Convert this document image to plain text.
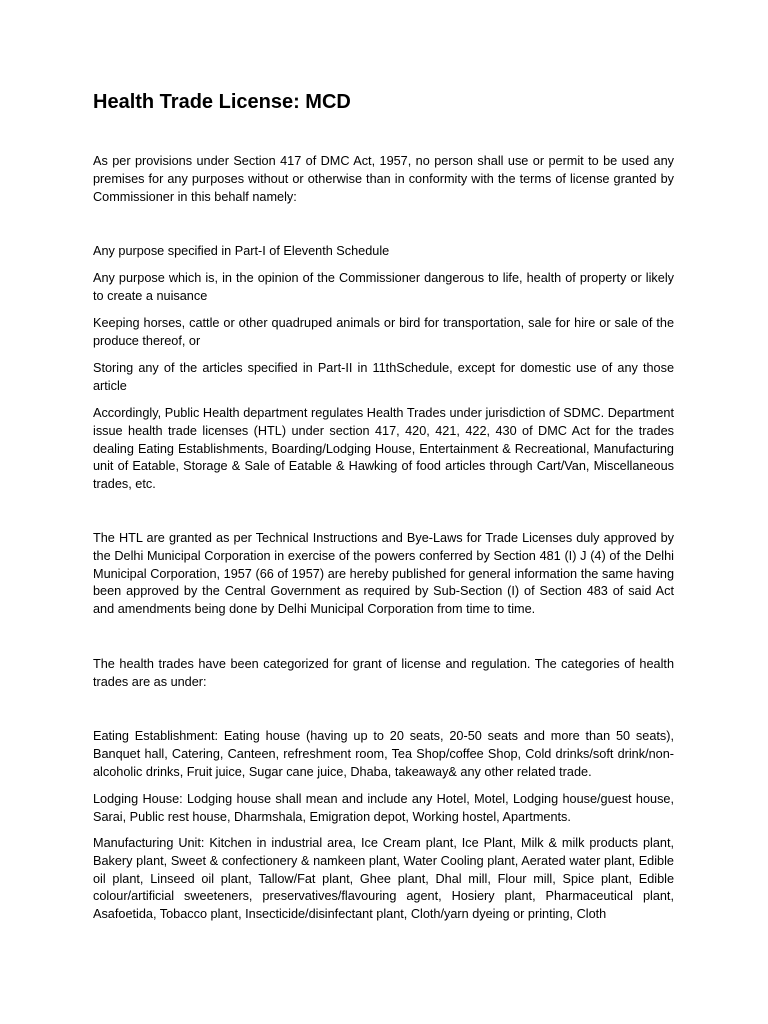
Health Trade License: MCD

As per provisions under Section 417 of DMC Act, 1957, no person shall use or permit to be used any premises for any purposes without or otherwise than in conformity with the terms of license granted by Commissioner in this behalf namely:

Any purpose specified in Part-I of Eleventh Schedule

Any purpose which is, in the opinion of the Commissioner dangerous to life, health of property or likely to create a nuisance

Keeping horses, cattle or other quadruped animals or bird for transportation, sale for hire or sale of the produce thereof, or

Storing any of the articles specified in Part-II in 11thSchedule, except for domestic use of any those article

Accordingly, Public Health department regulates Health Trades under jurisdiction of SDMC. Department issue health trade licenses (HTL) under section 417, 420, 421, 422, 430 of DMC Act for the trades dealing Eating Establishments, Boarding/Lodging House, Entertainment & Recreational, Manufacturing unit of Eatable, Storage & Sale of Eatable & Hawking of food articles through Cart/Van, Miscellaneous trades, etc.

The HTL are granted as per Technical Instructions and Bye-Laws for Trade Licenses duly approved by the Delhi Municipal Corporation in exercise of the powers conferred by Section 481 (I) J (4) of the Delhi Municipal Corporation, 1957 (66 of 1957) are hereby published for general information the same having been approved by the Central Government as required by Sub-Section (I) of Section 483 of said Act and amendments being done by Delhi Municipal Corporation from time to time.

The health trades have been categorized for grant of license and regulation. The categories of health trades are as under:

Eating Establishment: Eating house (having up to 20 seats, 20-50 seats and more than 50 seats), Banquet hall, Catering, Canteen, refreshment room, Tea Shop/coffee Shop, Cold drinks/soft drink/non-alcoholic drinks, Fruit juice, Sugar cane juice, Dhaba, takeaway& any other related trade.

Lodging House: Lodging house shall mean and include any Hotel, Motel, Lodging house/guest house, Sarai, Public rest house, Dharmshala, Emigration depot, Working hostel, Apartments.

Manufacturing Unit: Kitchen in industrial area, Ice Cream plant, Ice Plant, Milk & milk products plant, Bakery plant, Sweet & confectionery & namkeen plant, Water Cooling plant, Aerated water plant, Edible oil plant, Linseed oil plant, Tallow/Fat plant, Ghee plant, Dhal mill, Flour mill, Spice plant, Edible colour/artificial sweeteners, preservatives/flavouring agent, Hosiery plant, Pharmaceutical plant, Asafoetida, Tobacco plant, Insecticide/disinfectant plant, Cloth/yarn dyeing or printing, Cloth
